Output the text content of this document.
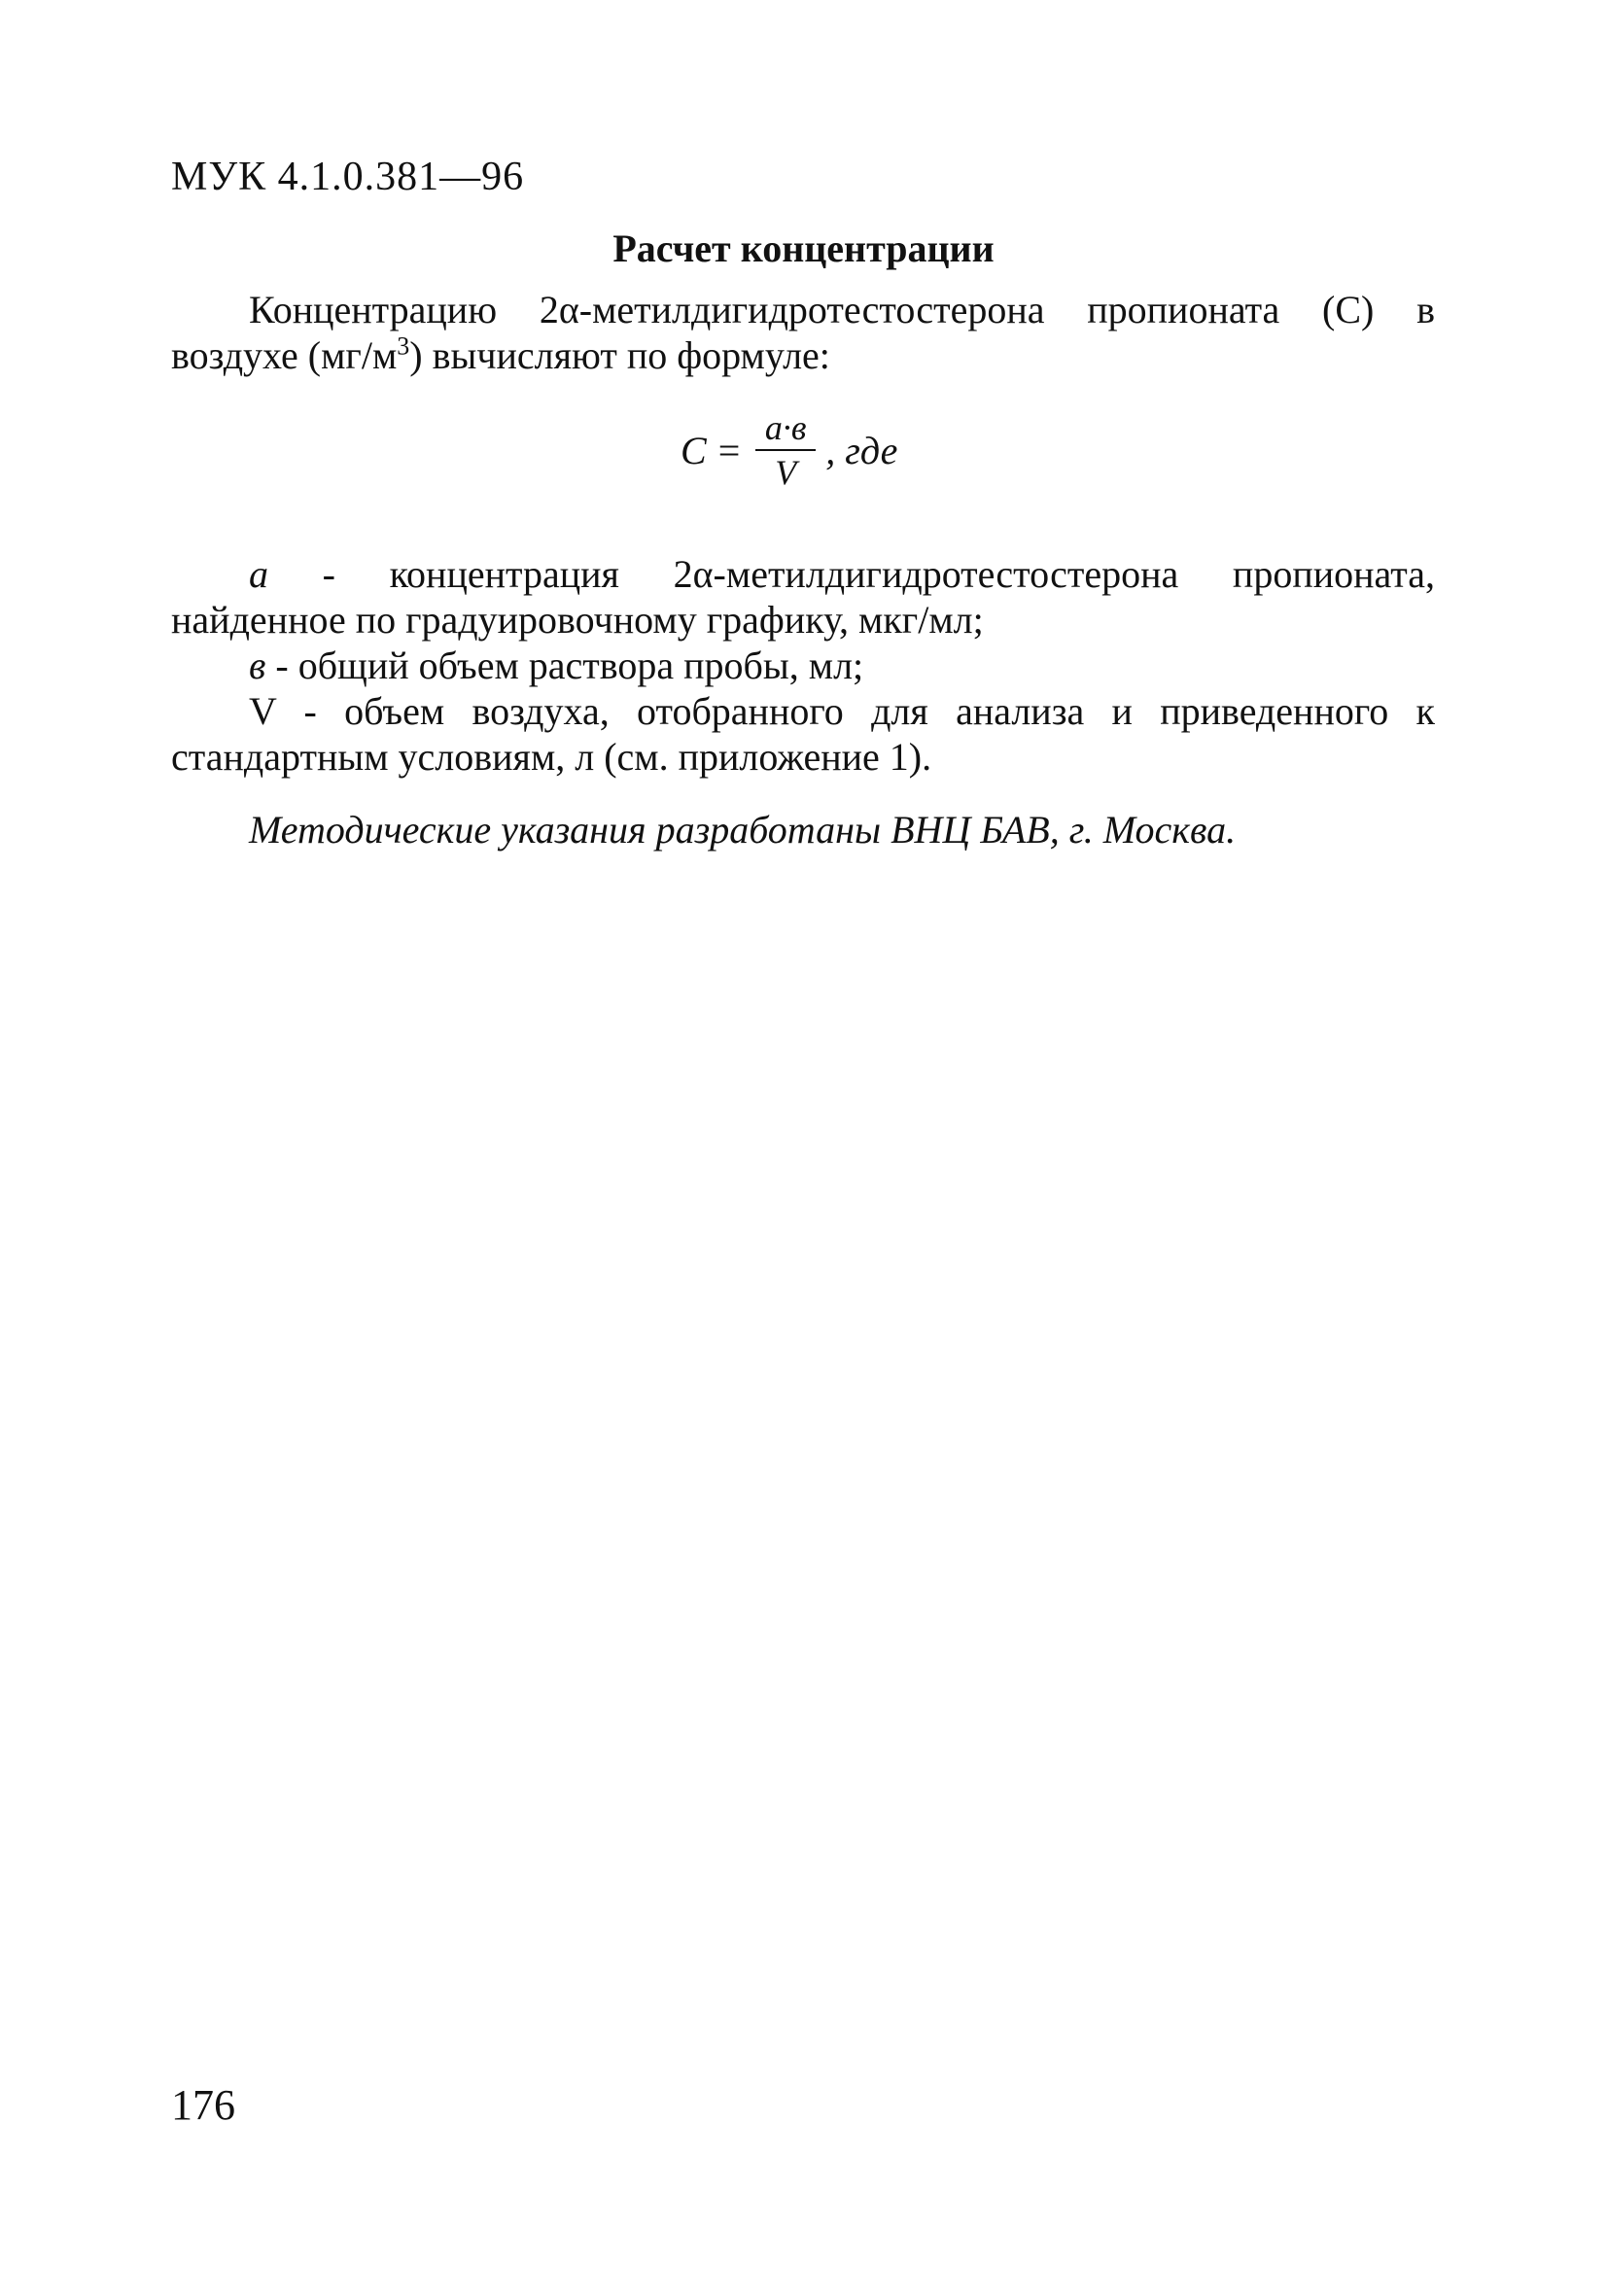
МУК 4.1.0.381—96
Расчет концентрации

Концентрацию 2α-метилдигидротестостерона пропионата (С) в воздухе $(мг/м^3)$ вычисляют по формуле:

$C = \frac{a\cdot в}{V}$ , где

a - концентрация 2α-метилдигидротестостерона пропионата, найденное по градуировочному графику, мкг/мл;

в - общий объем раствора пробы, мл;

V - объем воздуха, отобранного для анализа и приведенного к стандартным условиям, л (см. приложение 1).

Методические указания разработаны ВНЦ БАВ, г. Москва.
176
